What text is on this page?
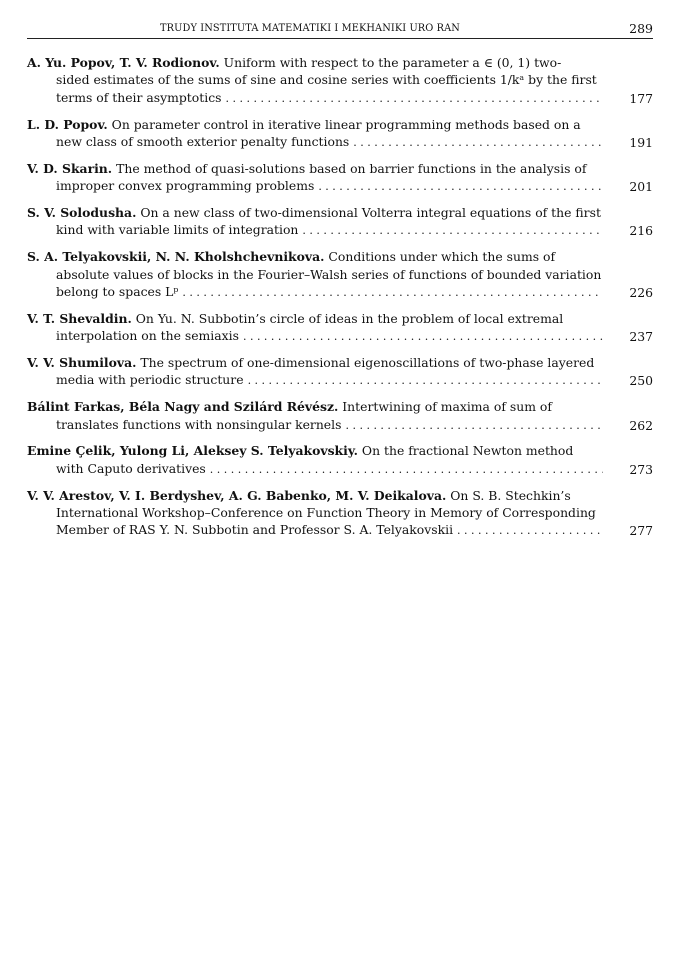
TRUDY INSTITUTA MATEMATIKI I MEKHANIKI URO RAN	289
A. Yu. Popov, T. V. Rodionov. Uniform with respect to the parameter a ∈ (0, 1) two-
sided estimates of the sums of sine and cosine series with coefficients 1/kᵃ by the first
terms of their asymptotics . . .	177
L. D. Popov. On parameter control in iterative linear programming methods based on a
new class of smooth exterior penalty functions . . .	191
V. D. Skarin. The method of quasi-solutions based on barrier functions in the analysis of
improper convex programming problems . . .	201
S. V. Solodusha. On a new class of two-dimensional Volterra integral equations of the first
kind with variable limits of integration . . .	216
S. A. Telyakovskii, N. N. Kholshchevnikova. Conditions under which the sums of
absolute values of blocks in the Fourier–Walsh series of functions of bounded variation
belong to spaces Lᵖ . . .	226
V. T. Shevaldin. On Yu. N. Subbotin’s circle of ideas in the problem of local extremal
interpolation on the semiaxis . . .	237
V. V. Shumilova. The spectrum of one-dimensional eigenoscillations of two-phase layered
media with periodic structure . . .	250
Bálint Farkas, Béla Nagy and Szilárd Révész. Intertwining of maxima of sum of
translates functions with nonsingular kernels . . .	262
Emine Çelik, Yulong Li, Aleksey S. Telyakovskiy. On the fractional Newton method
with Caputo derivatives . . .	273
V. V. Arestov, V. I. Berdyshev, A. G. Babenko, M. V. Deikalova. On S. B. Stechkin’s
International Workshop–Conference on Function Theory in Memory of Corresponding
Member of RAS Y. N. Subbotin and Professor S. A. Telyakovskii . . .	277
